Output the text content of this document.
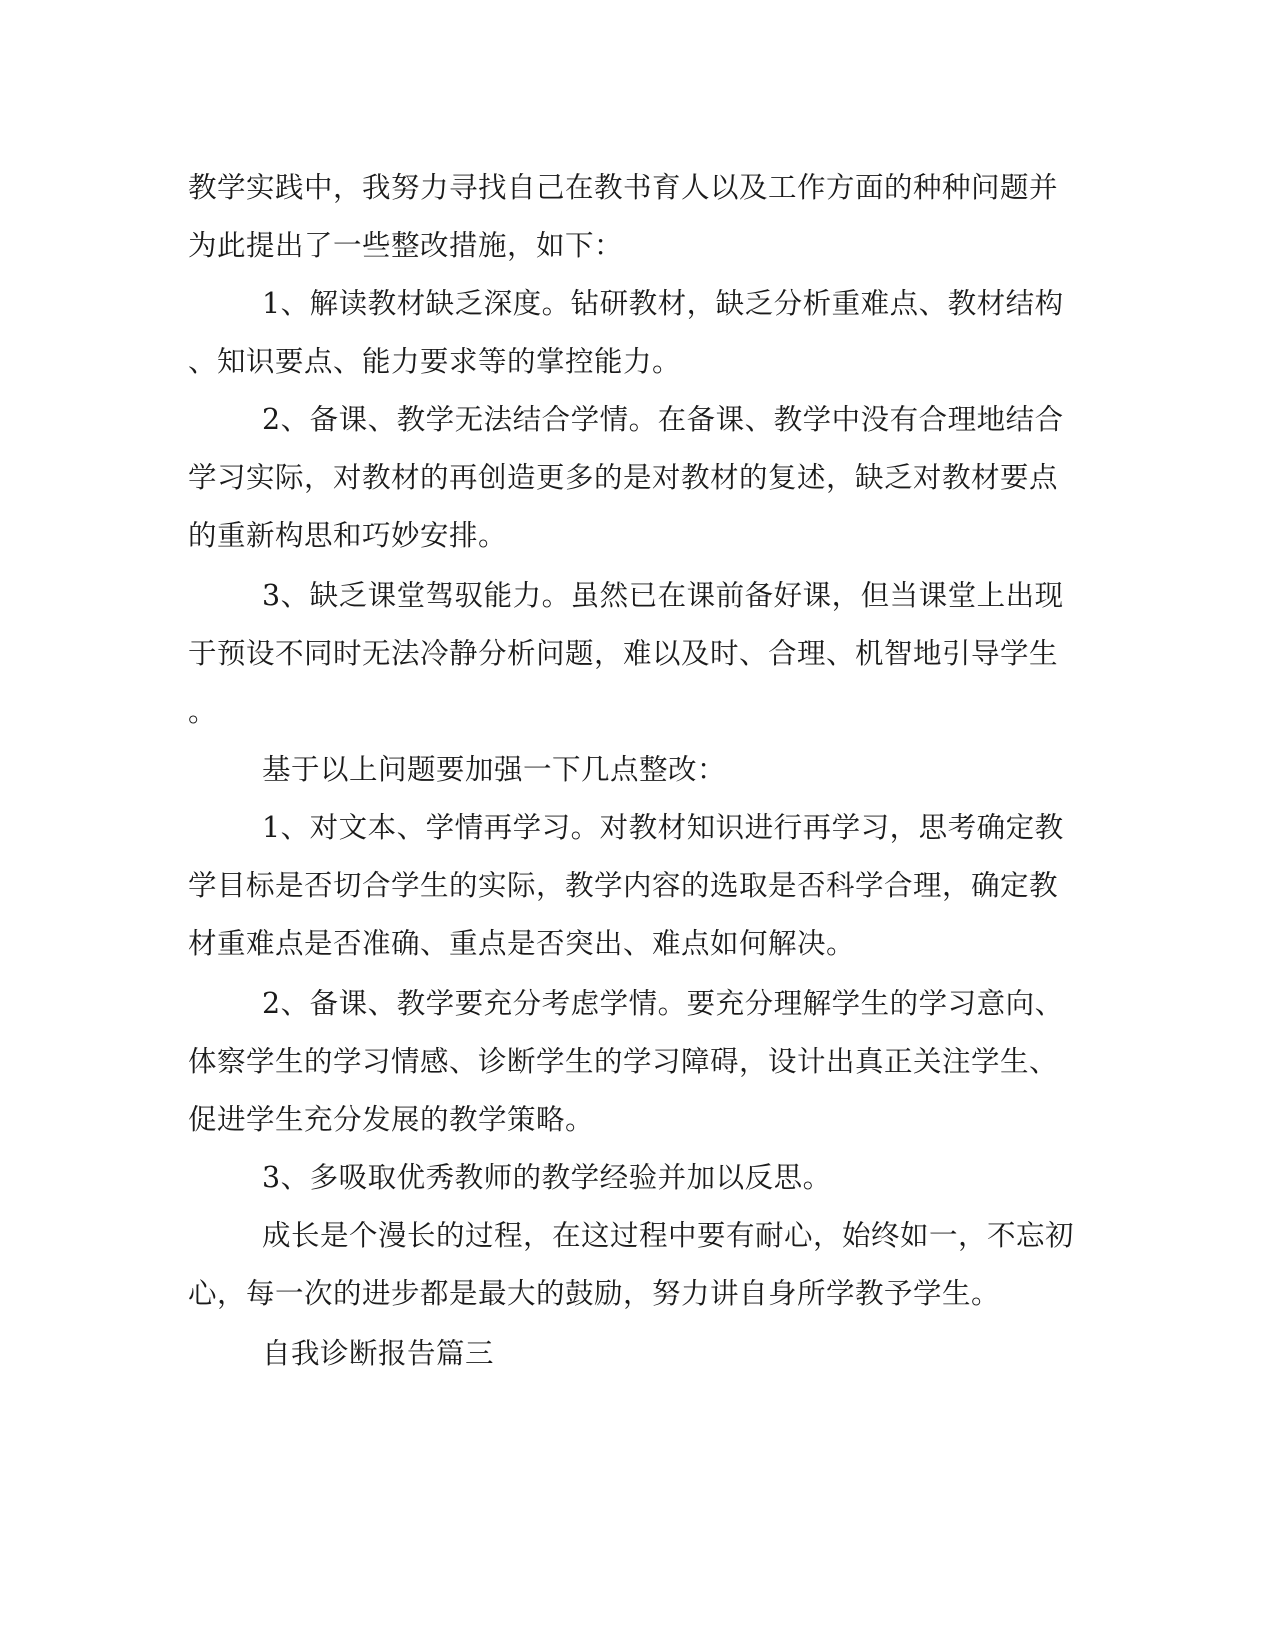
教学实践中，我努力寻找自己在教书育人以及工作方面的种种问题并
为此提出了一些整改措施，如下：
1、解读教材缺乏深度。钻研教材，缺乏分析重难点、教材结构
、知识要点、能力要求等的掌控能力。
2、备课、教学无法结合学情。在备课、教学中没有合理地结合
学习实际，对教材的再创造更多的是对教材的复述，缺乏对教材要点
的重新构思和巧妙安排。
3、缺乏课堂驾驭能力。虽然已在课前备好课，但当课堂上出现
于预设不同时无法冷静分析问题，难以及时、合理、机智地引导学生
。
基于以上问题要加强一下几点整改：
1、对文本、学情再学习。对教材知识进行再学习，思考确定教
学目标是否切合学生的实际，教学内容的选取是否科学合理，确定教
材重难点是否准确、重点是否突出、难点如何解决。
2、备课、教学要充分考虑学情。要充分理解学生的学习意向、
体察学生的学习情感、诊断学生的学习障碍，设计出真正关注学生、
促进学生充分发展的教学策略。
3、多吸取优秀教师的教学经验并加以反思。
成长是个漫长的过程，在这过程中要有耐心，始终如一，不忘初
心，每一次的进步都是最大的鼓励，努力讲自身所学教予学生。
自我诊断报告篇三
